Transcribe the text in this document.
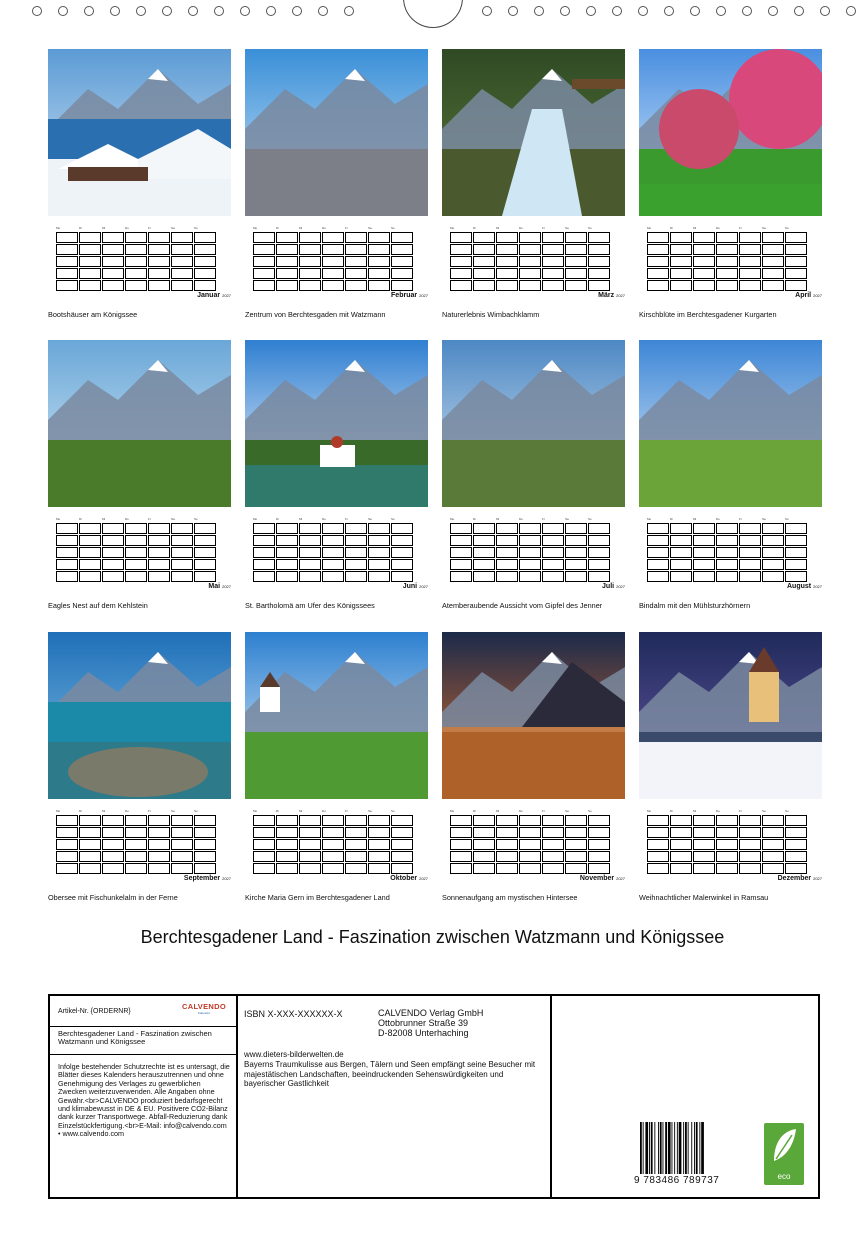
Mo	Di	Mi	Do	Fr	Sa	So
Januar 2027
Bootshäuser am Königssee
Mo	Di	Mi	Do	Fr	Sa	So
Februar 2027
Zentrum von Berchtesgaden mit Watzmann
Mo	Di	Mi	Do	Fr	Sa	So
März 2027
Naturerlebnis Wimbachklamm
Mo	Di	Mi	Do	Fr	Sa	So
April 2027
Kirschblüte im Berchtesgadener Kurgarten
Mo	Di	Mi	Do	Fr	Sa	So
Mai 2027
Eagles Nest auf dem Kehlstein
Mo	Di	Mi	Do	Fr	Sa	So
Juni 2027
St. Bartholomä am Ufer des Königssees
Mo	Di	Mi	Do	Fr	Sa	So
Juli 2027
Atemberaubende Aussicht vom Gipfel des Jenner
Mo	Di	Mi	Do	Fr	Sa	So
August 2027
Bindalm mit den Mühlsturzhörnern
Mo	Di	Mi	Do	Fr	Sa	So
September 2027
Obersee mit Fischunkelalm in der Ferne
Mo	Di	Mi	Do	Fr	Sa	So
Oktober 2027
Kirche Maria Gern im Berchtesgadener Land
Mo	Di	Mi	Do	Fr	Sa	So
November 2027
Sonnenaufgang am mystischen Hintersee
Mo	Di	Mi	Do	Fr	Sa	So
Dezember 2027
Weihnachtlicher Malerwinkel in Ramsau
Berchtesgadener Land - Faszination zwischen Watzmann und Königssee
Artikel-Nr. {ORDERNR}
CALVENDO
Kalender
Berchtesgadener Land - Faszination zwischen Watzmann und Königssee
Infolge bestehender Schutzrechte ist es untersagt, die Blätter dieses Kalenders herauszutrennen und ohne Genehmigung des Verlages zu gewerblichen Zwecken weiterzuverwenden. Alle Angaben ohne Gewähr.<br>CALVENDO produziert bedarfsgerecht und klimabewusst in DE & EU. Positivere CO2-Bilanz dank kurzer Transportwege. Abfall-Reduzierung dank Einzelstückfertigung.<br>E-Mail: info@calvendo.com • www.calvendo.com
ISBN X-XXX-XXXXXX-X	CALVENDO Verlag GmbH
Ottobrunner Straße 39
D-82008 Unterhaching
www.dieters-bilderwelten.de
Bayerns Traumkulisse aus Bergen, Tälern und Seen empfängt seine Besucher mit majestätischen Landschaften, beeindruckenden Sehenswürdigkeiten und bayerischer Gastlichkeit
9 783486 789737	eco
